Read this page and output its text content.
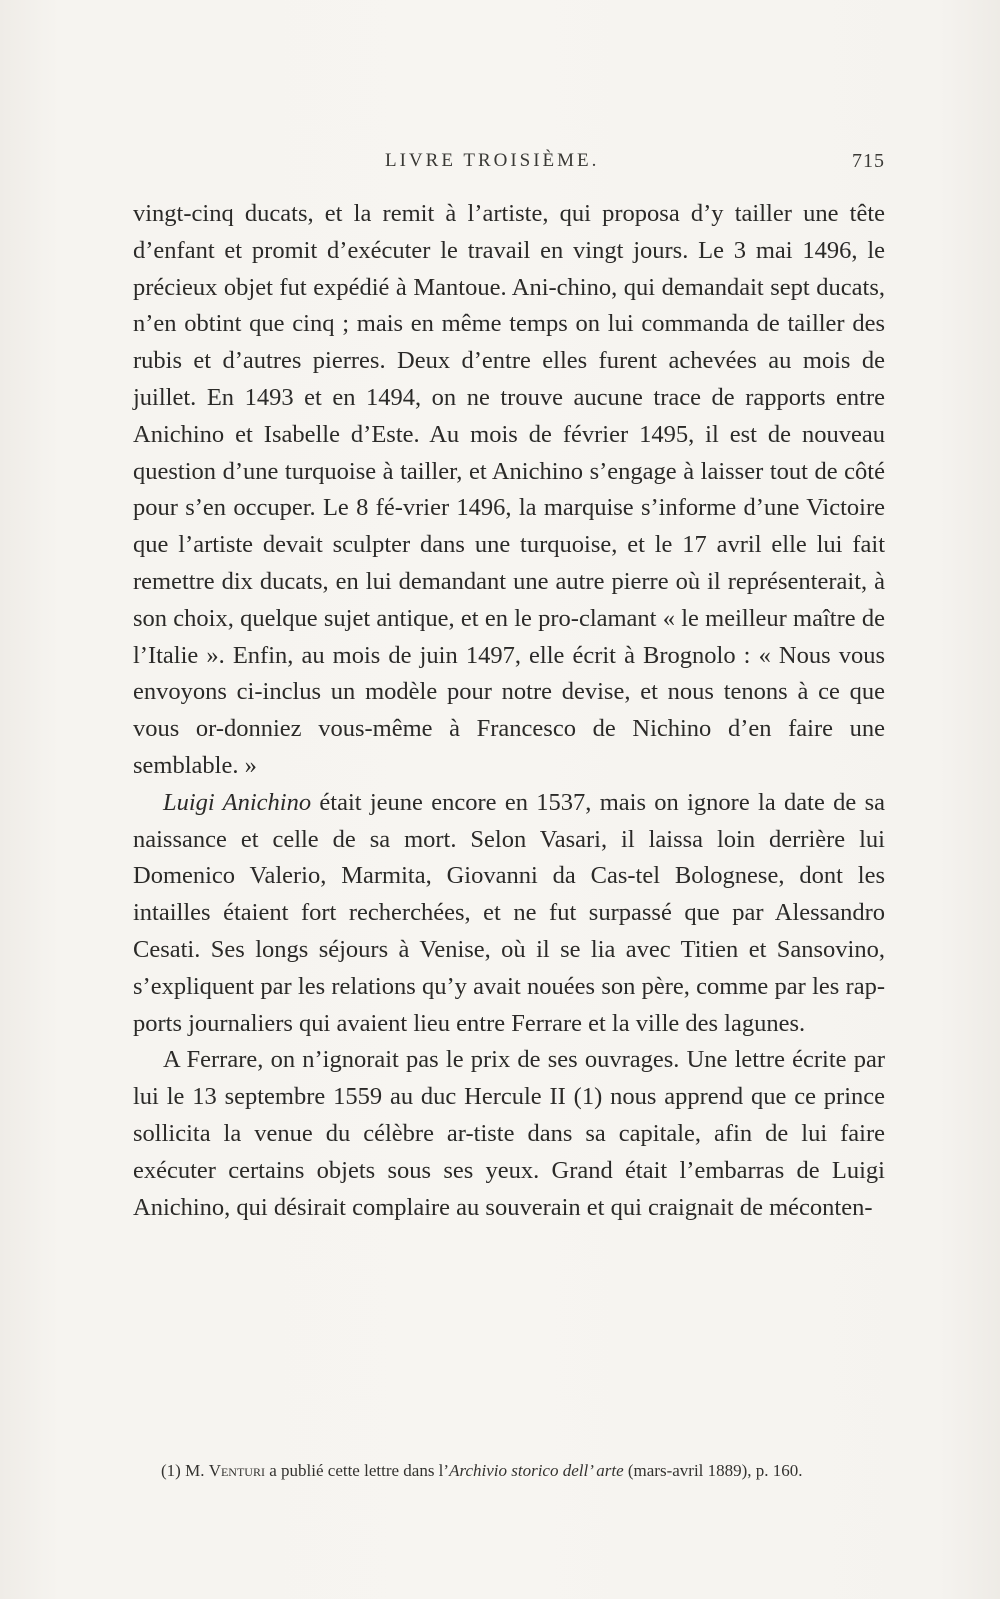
LIVRE TROISIÈME.	715

vingt-cinq ducats, et la remit à l’artiste, qui proposa d’y tailler une tête d’enfant et promit d’exécuter le travail en vingt jours. Le 3 mai 1496, le précieux objet fut expédié à Mantoue. Ani-chino, qui demandait sept ducats, n’en obtint que cinq ; mais en même temps on lui commanda de tailler des rubis et d’autres pierres. Deux d’entre elles furent achevées au mois de juillet. En 1493 et en 1494, on ne trouve aucune trace de rapports entre Anichino et Isabelle d’Este. Au mois de février 1495, il est de nouveau question d’une turquoise à tailler, et Anichino s’engage à laisser tout de côté pour s’en occuper. Le 8 fé-vrier 1496, la marquise s’informe d’une Victoire que l’artiste devait sculpter dans une turquoise, et le 17 avril elle lui fait remettre dix ducats, en lui demandant une autre pierre où il représenterait, à son choix, quelque sujet antique, et en le pro-clamant « le meilleur maître de l’Italie ». Enfin, au mois de juin 1497, elle écrit à Brognolo : « Nous vous envoyons ci-inclus un modèle pour notre devise, et nous tenons à ce que vous or-donniez vous-même à Francesco de Nichino d’en faire une semblable. »

Luigi Anichino était jeune encore en 1537, mais on ignore la date de sa naissance et celle de sa mort. Selon Vasari, il laissa loin derrière lui Domenico Valerio, Marmita, Giovanni da Cas-tel Bolognese, dont les intailles étaient fort recherchées, et ne fut surpassé que par Alessandro Cesati. Ses longs séjours à Venise, où il se lia avec Titien et Sansovino, s’expliquent par les relations qu’y avait nouées son père, comme par les rap-ports journaliers qui avaient lieu entre Ferrare et la ville des lagunes.

A Ferrare, on n’ignorait pas le prix de ses ouvrages. Une lettre écrite par lui le 13 septembre 1559 au duc Hercule II (1) nous apprend que ce prince sollicita la venue du célèbre ar-tiste dans sa capitale, afin de lui faire exécuter certains objets sous ses yeux. Grand était l’embarras de Luigi Anichino, qui désirait complaire au souverain et qui craignait de méconten-

(1) M. Venturi a publié cette lettre dans l’Archivio storico dell’ arte (mars-avril 1889), p. 160.
